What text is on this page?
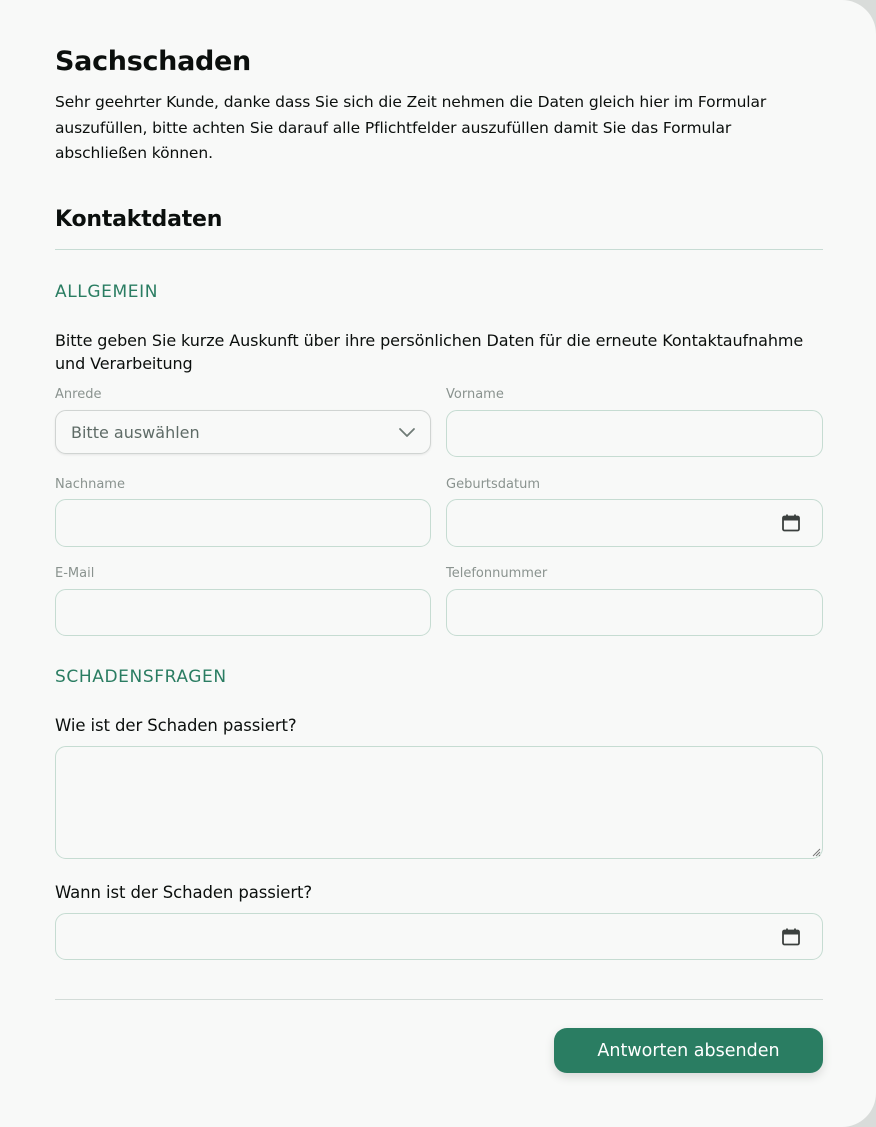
Sachschaden
Sehr geehrter Kunde, danke dass Sie sich die Zeit nehmen die Daten gleich hier im Formular auszufüllen, bitte achten Sie darauf alle Pflichtfelder auszufüllen damit Sie das Formular abschließen können.
Kontaktdaten
ALLGEMEIN
Bitte geben Sie kurze Auskunft über ihre persönlichen Daten für die erneute Kontaktaufnahme und Verarbeitung
Anrede
Bitte auswählen
Vorname
Nachname	Geburtsdatum
E-Mail	Telefonnummer
SCHADENSFRAGEN
Wie ist der Schaden passiert?
Wann ist der Schaden passiert?
Antworten absenden
